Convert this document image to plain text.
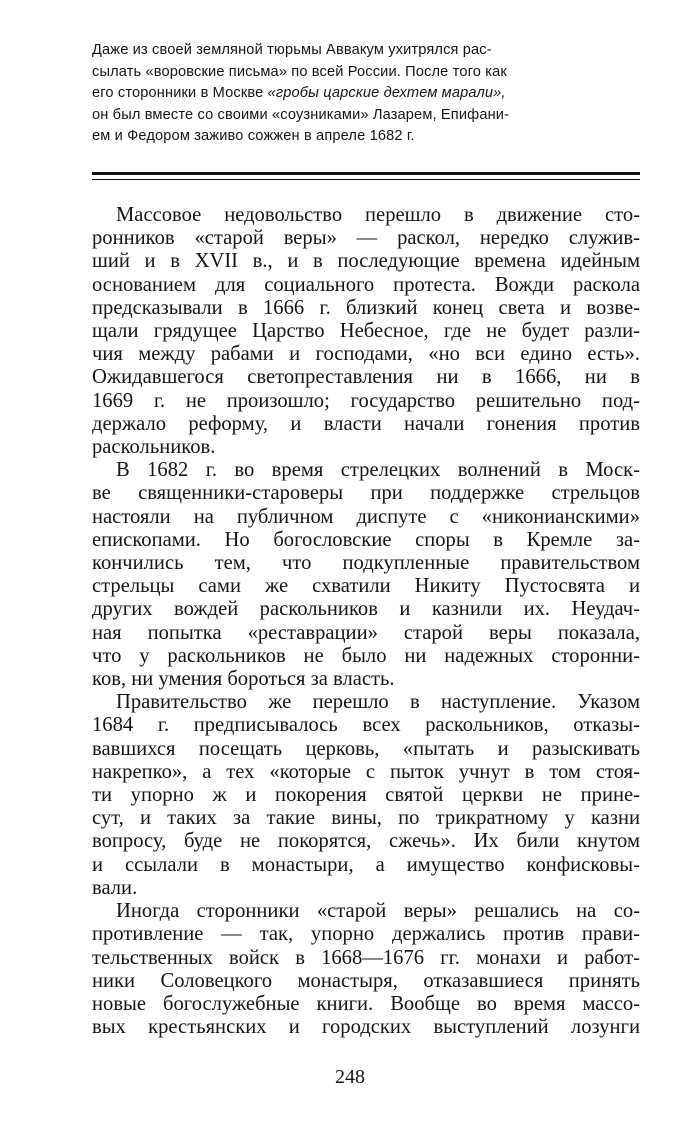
Даже из своей земляной тюрьмы Аввакум ухитрялся рас-
сылать «воровские письма» по всей России. После того как
его сторонники в Москве «гробы царские дехтем марали»,
он был вместе со своими «соузниками» Лазарем, Епифани-
ем и Федором заживо сожжен в апреле 1682 г.
Массовое недовольство перешло в движение сто-
ронников «старой веры» — раскол, нередко служив-
ший и в XVII в., и в последующие времена идейным
основанием для социального протеста. Вожди раскола
предсказывали в 1666 г. близкий конец света и возве-
щали грядущее Царство Небесное, где не будет разли-
чия между рабами и господами, «но вси едино есть».
Ожидавшегося светопреставления ни в 1666, ни в
1669 г. не произошло; государство решительно под-
держало реформу, и власти начали гонения против
раскольников.
В 1682 г. во время стрелецких волнений в Моск-
ве священники-староверы при поддержке стрельцов
настояли на публичном диспуте с «никонианскими»
епископами. Но богословские споры в Кремле за-
кончились тем, что подкупленные правительством
стрельцы сами же схватили Никиту Пустосвята и
других вождей раскольников и казнили их. Неудач-
ная попытка «реставрации» старой веры показала,
что у раскольников не было ни надежных сторонни-
ков, ни умения бороться за власть.
Правительство же перешло в наступление. Указом
1684 г. предписывалось всех раскольников, отказы-
вавшихся посещать церковь, «пытать и разыскивать
накрепко», а тех «которые с пыток учнут в том стоя-
ти упорно ж и покорения святой церкви не прине-
сут, и таких за такие вины, по трикратному у казни
вопросу, буде не покорятся, сжечь». Их били кнутом
и ссылали в монастыри, а имущество конфисковы-
вали.
Иногда сторонники «старой веры» решались на со-
противление — так, упорно держались против прави-
тельственных войск в 1668—1676 гг. монахи и работ-
ники Соловецкого монастыря, отказавшиеся принять
новые богослужебные книги. Вообще во время массо-
вых крестьянских и городских выступлений лозунги
248
